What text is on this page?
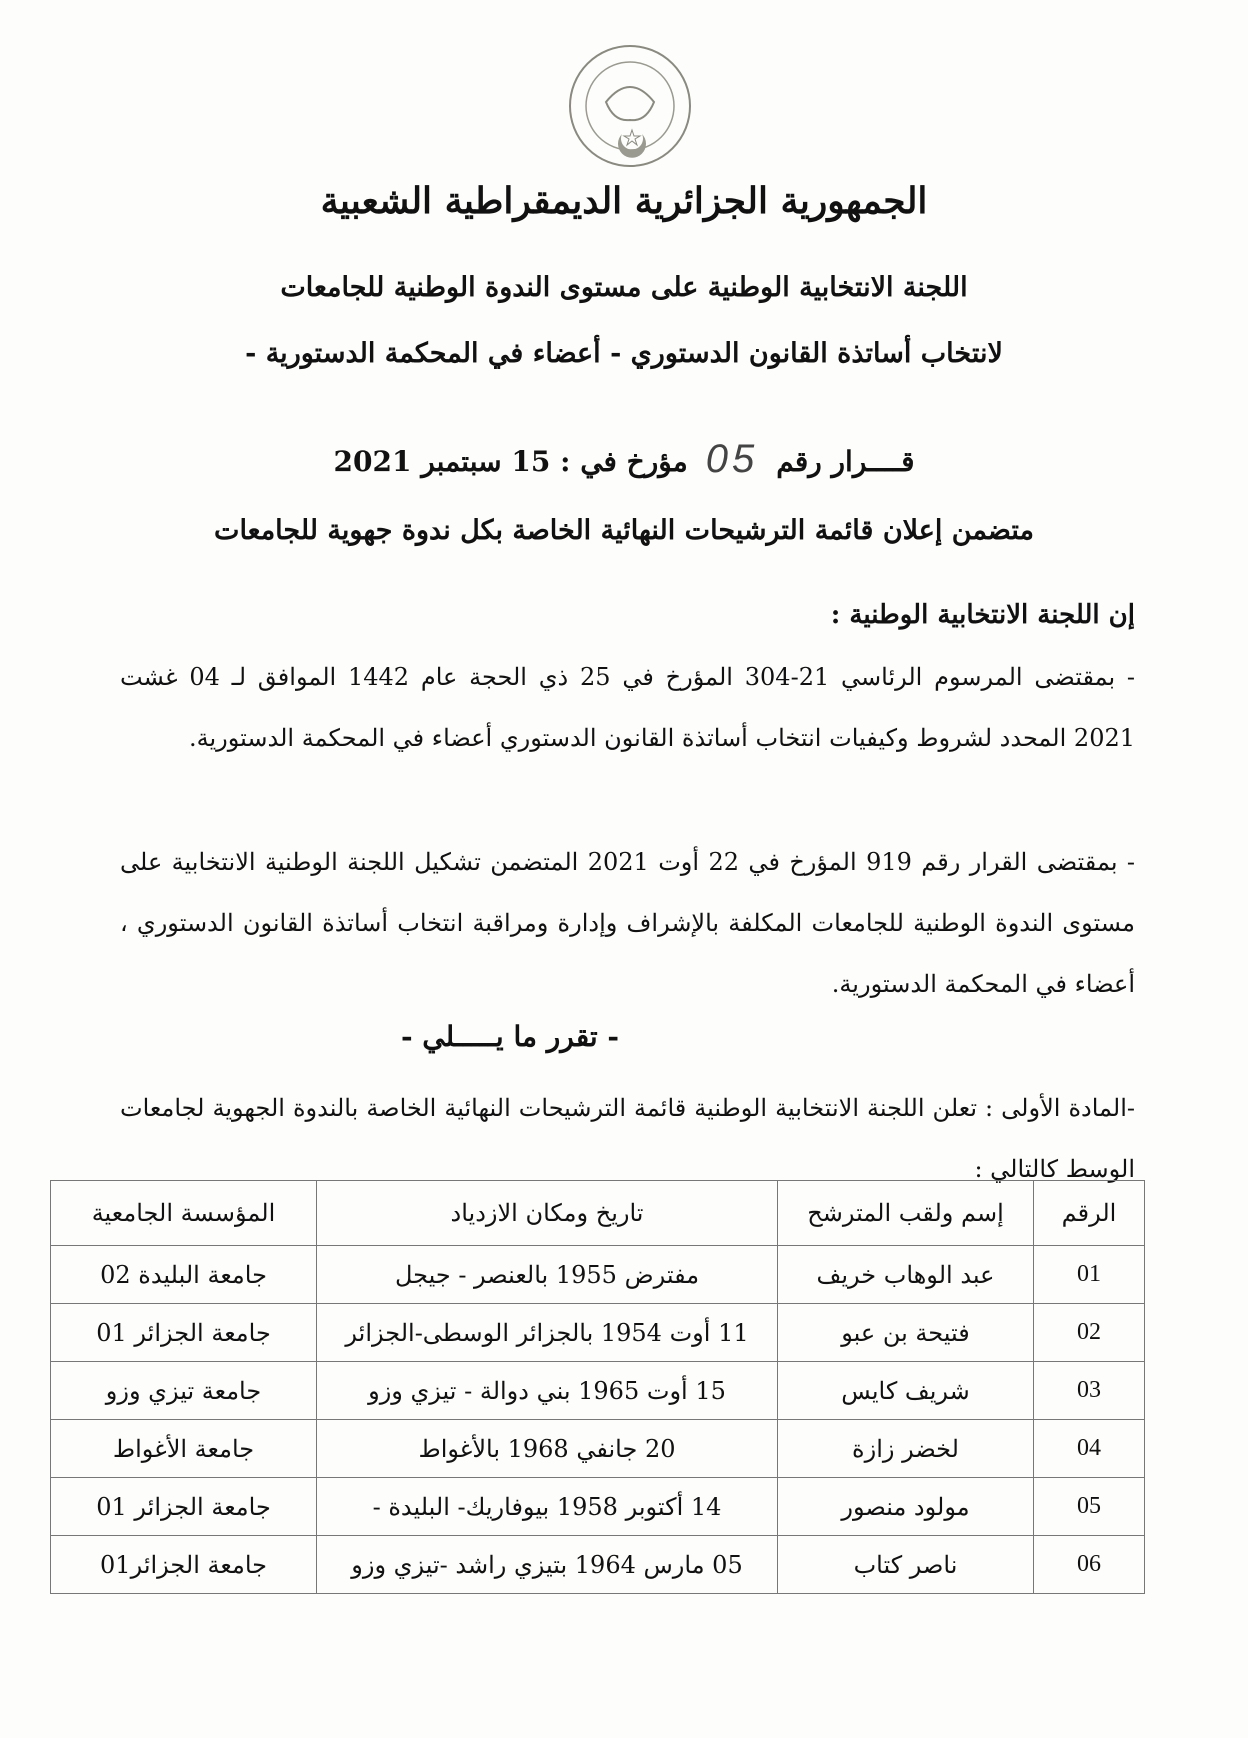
الجمهورية الجزائرية الديمقراطية الشعبية
اللجنة الانتخابية الوطنية على مستوى الندوة الوطنية للجامعات
لانتخاب أساتذة القانون الدستوري - أعضاء في المحكمة الدستورية -
قــــرار رقم
05
مؤرخ في : 15 سبتمبر 2021
متضمن إعلان قائمة الترشيحات النهائية الخاصة بكل ندوة جهوية للجامعات
إن اللجنة الانتخابية الوطنية :
- بمقتضى المرسوم الرئاسي 21-304 المؤرخ في 25 ذي الحجة عام 1442 الموافق لـ 04 غشت 2021 المحدد لشروط وكيفيات انتخاب أساتذة القانون الدستوري أعضاء في المحكمة الدستورية.
- بمقتضى القرار رقم 919 المؤرخ في 22 أوت 2021 المتضمن تشكيل اللجنة الوطنية الانتخابية على مستوى الندوة الوطنية للجامعات المكلفة بالإشراف وإدارة ومراقبة انتخاب أساتذة القانون الدستوري ، أعضاء في المحكمة الدستورية.
- تقرر ما يـــــلي -
-المادة الأولى : تعلن اللجنة الانتخابية الوطنية قائمة الترشيحات النهائية الخاصة بالندوة الجهوية لجامعات الوسط كالتالي :
الرقم	إسم ولقب المترشح	تاريخ ومكان الازدياد	المؤسسة الجامعية
01	عبد الوهاب خريف	مفترض 1955 بالعنصر - جيجل	جامعة البليدة 02
02	فتيحة بن عبو	11 أوت 1954 بالجزائر الوسطى-الجزائر	جامعة الجزائر 01
03	شريف كايس	15 أوت 1965 بني دوالة - تيزي وزو	جامعة تيزي وزو
04	لخضر زازة	20 جانفي 1968 بالأغواط	جامعة الأغواط
05	مولود منصور	14 أكتوبر 1958 بيوفاريك- البليدة -	جامعة الجزائر 01
06	ناصر كتاب	05 مارس 1964 بتيزي راشد -تيزي وزو	جامعة الجزائر01
